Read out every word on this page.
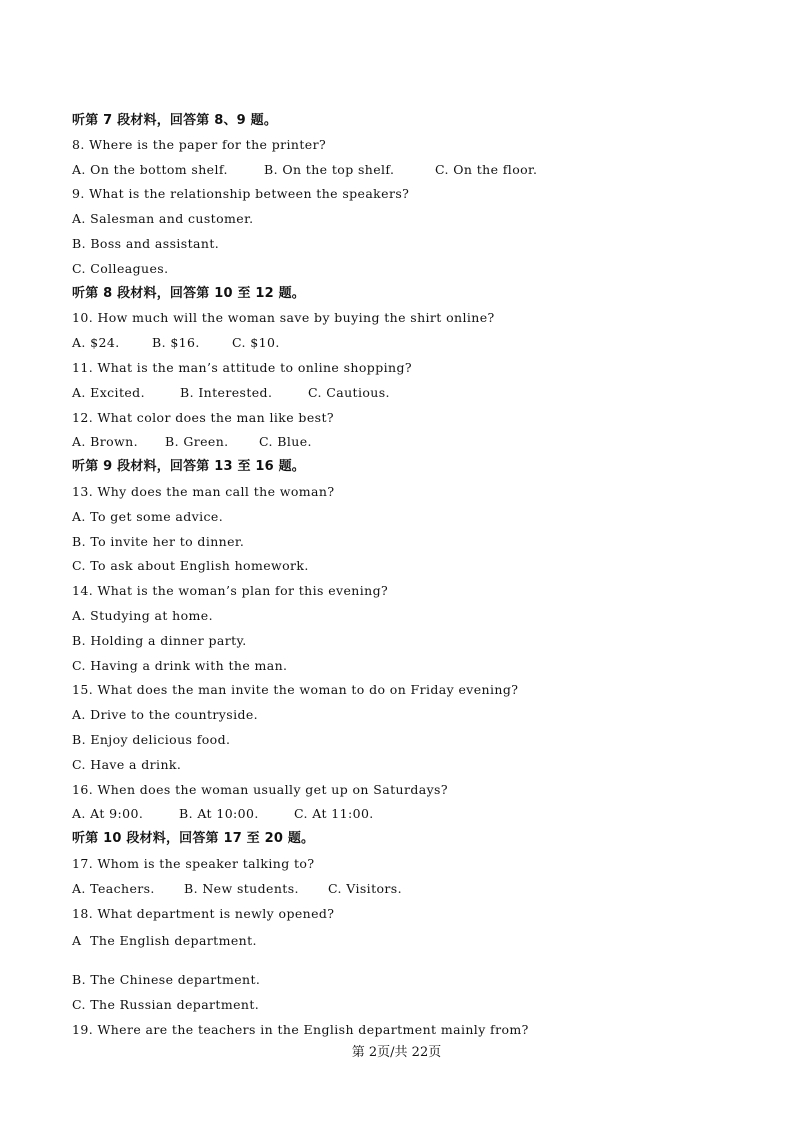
听第 7 段材料，回答第 8、9 题。
8. Where is the paper for the printer?
A. On the bottom shelf.	B. On the top shelf.	C. On the floor.
9. What is the relationship between the speakers?
A. Salesman and customer.
B. Boss and assistant.
C. Colleagues.
听第 8 段材料，回答第 10 至 12 题。
10. How much will the woman save by buying the shirt online?
A. $24.	B. $16.	C. $10.
11. What is the man’s attitude to online shopping?
A. Excited.	B. Interested.	C. Cautious.
12. What color does the man like best?
A. Brown. B. Green. C. Blue.
听第 9 段材料，回答第 13 至 16 题。
13. Why does the man call the woman?
A. To get some advice.
B. To invite her to dinner.
C. To ask about English homework.
14. What is the woman’s plan for this evening?
A. Studying at home.
B. Holding a dinner party.
C. Having a drink with the man.
15. What does the man invite the woman to do on Friday evening?
A. Drive to the countryside.
B. Enjoy delicious food.
C. Have a drink.
16. When does the woman usually get up on Saturdays?
A. At 9:00.	B. At 10:00.	C. At 11:00.
听第 10 段材料，回答第 17 至 20 题。
17. Whom is the speaker talking to?
A. Teachers. B. New students. C. Visitors.
18. What department is newly opened?
A  The English department.
B. The Chinese department.
C. The Russian department.
19. Where are the teachers in the English department mainly from?
第 2页/共 22页
